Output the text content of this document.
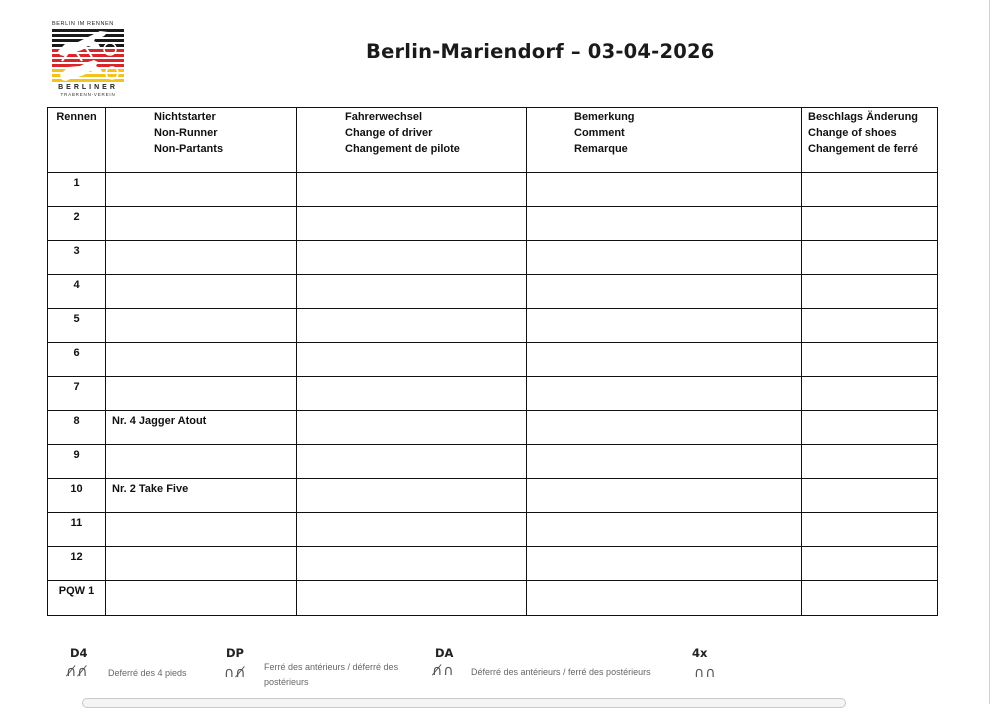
BERLIN IM RENNEN
BERLINER
TRABRENN-VEREIN
Berlin-Mariendorf – 03-04-2026
Rennen	Nichtstarter
Non-Runner
Non-Partants	Fahrerwechsel
Change of driver
Changement de pilote	Bemerkung
Comment
Remarque	Beschlags Änderung
Change of shoes
Changement de ferré

1				

2				

3				

4				

5				

6				

7				

8	Nr. 4 Jagger Atout			

9				

10	Nr. 2 Take Five			

11				

12				

PQW 1				

D4
∩̸∩̸ Deferré des 4 pieds
DP
∩∩̸ Ferré des antérieurs / déferré des
postérieurs
DA
∩̸∩ Déferré des antérieurs / ferré des postérieurs
4x
∩∩
